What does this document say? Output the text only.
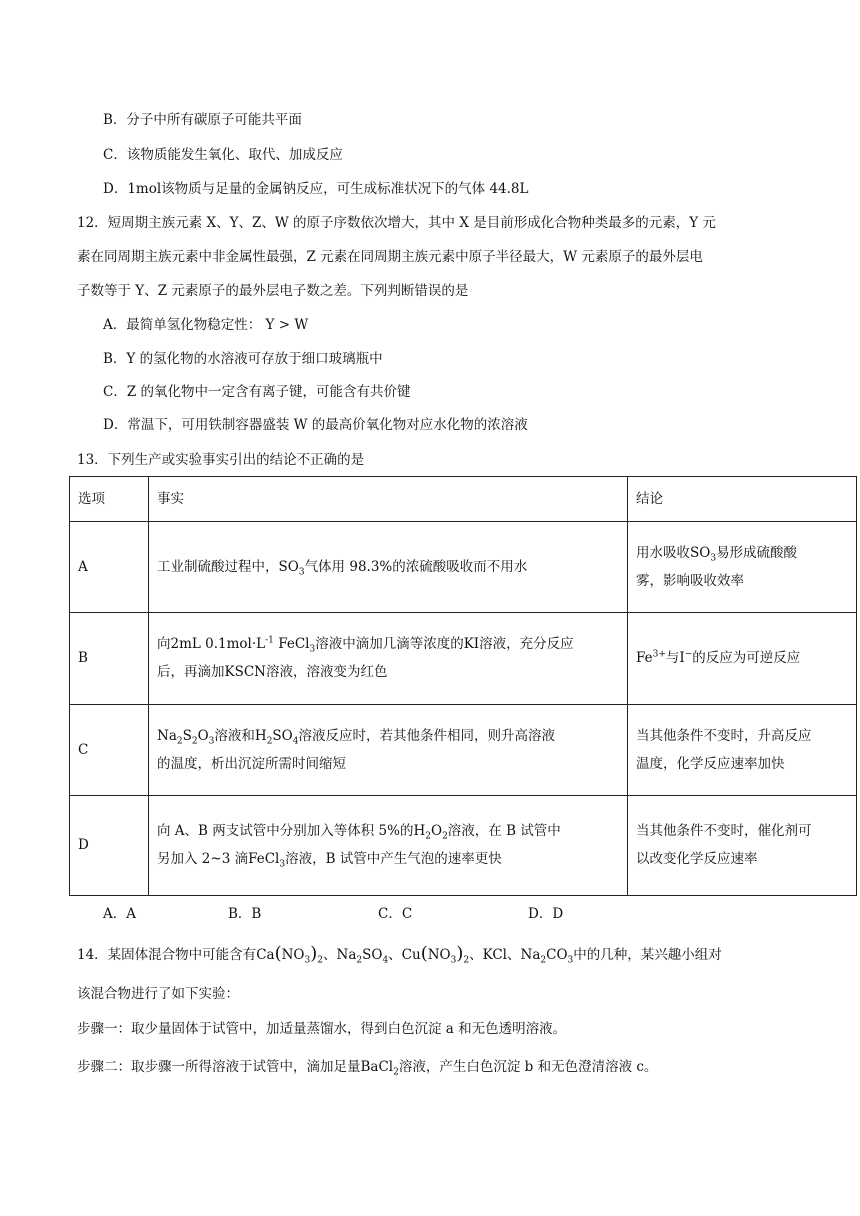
B．分子中所有碳原子可能共平面
C．该物质能发生氧化、取代、加成反应
D．1mol该物质与足量的金属钠反应，可生成标准状况下的气体 44.8L
12．短周期主族元素 X、Y、Z、W 的原子序数依次增大，其中 X 是目前形成化合物种类最多的元素，Y 元
素在同周期主族元素中非金属性最强，Z 元素在同周期主族元素中原子半径最大，W 元素原子的最外层电
子数等于 Y、Z 元素原子的最外层电子数之差。下列判断错误的是
A．最简单氢化物稳定性： Y > W
B．Y 的氢化物的水溶液可存放于细口玻璃瓶中
C．Z 的氧化物中一定含有离子键，可能含有共价键
D．常温下，可用铁制容器盛装 W 的最高价氧化物对应水化物的浓溶液
13．下列生产或实验事实引出的结论不正确的是
选项	事实	结论
A	工业制硫酸过程中，$SO_3$气体用 98.3%的浓硫酸吸收而不用水	用水吸收$SO_3$易形成硫酸酸
雾，影响吸收效率
B	向2mL $0.1mol\cdot L^{-1}$ FeCl$_3$溶液中滴加几滴等浓度的KI溶液，充分反应
后，再滴加KSCN溶液，溶液变为红色	$Fe^{3+}$与I−的反应为可逆反应
C	$Na_2S_2O_3$溶液和$H_2SO_4$溶液反应时，若其他条件相同，则升高溶液
的温度，析出沉淀所需时间缩短	当其他条件不变时，升高反应
温度，化学反应速率加快
D	向 A、B 两支试管中分别加入等体积 5%的$H_2O_2$溶液，在 B 试管中
另加入 2~3 滴FeCl$_3$溶液，B 试管中产生气泡的速率更快	当其他条件不变时，催化剂可
以改变化学反应速率
A．A	B．B	C．C	D．D
14．某固体混合物中可能含有$Ca(NO_3)_2$、$Na_2SO_4$、$Cu(NO_3)_2$、KCl、$Na_2CO_3$中的几种，某兴趣小组对
该混合物进行了如下实验：
步骤一：取少量固体于试管中，加适量蒸馏水，得到白色沉淀 a 和无色透明溶液。
步骤二：取步骤一所得溶液于试管中，滴加足量BaCl$_2$溶液，产生白色沉淀 b 和无色澄清溶液 c。
